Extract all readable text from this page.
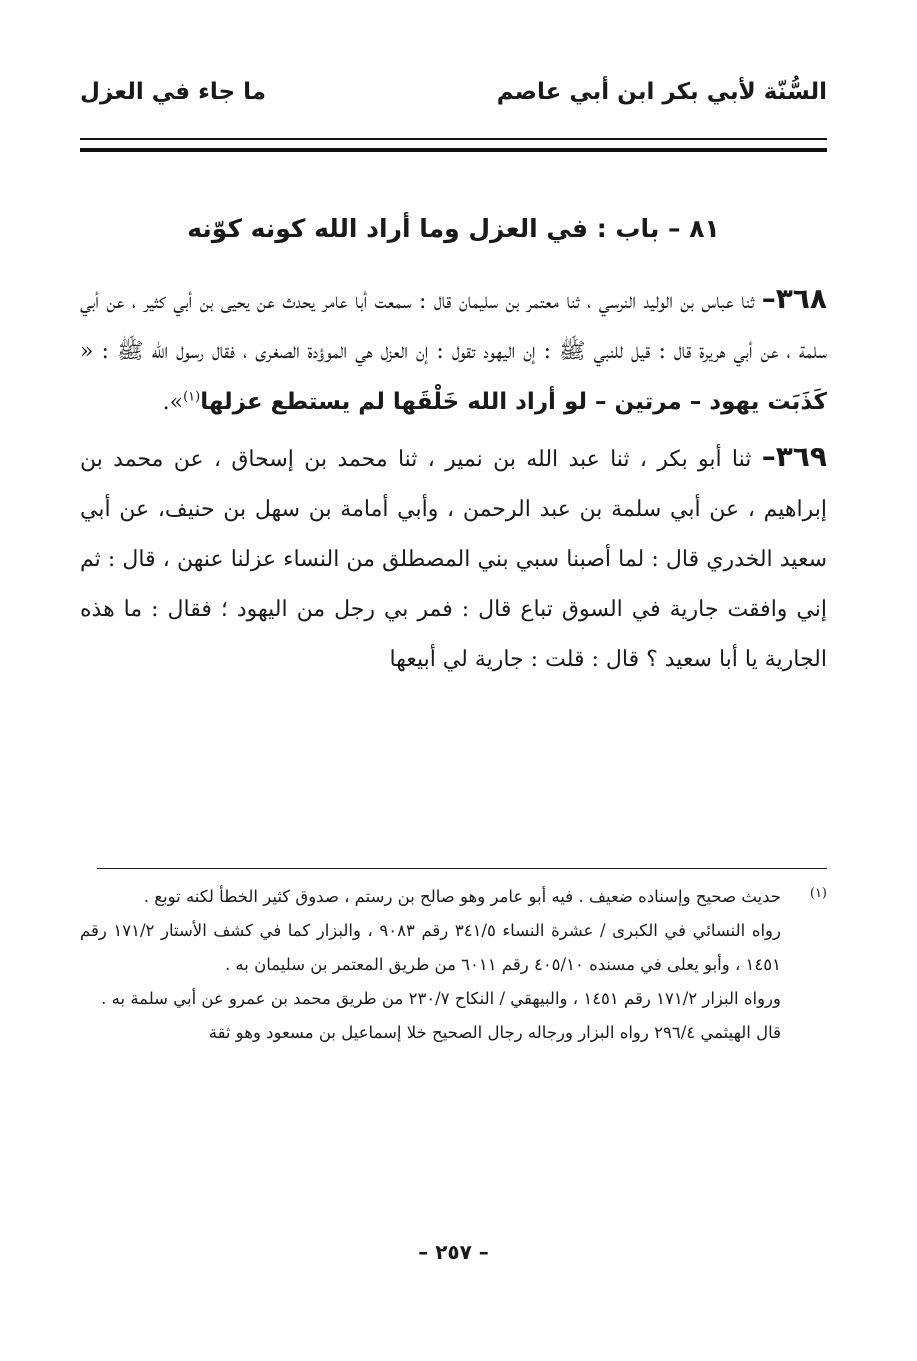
السُّنّة لأبي بكر ابن أبي عاصم
ما جاء في العزل
٨١ – باب : في العزل وما أراد الله كونه كوّنه

٣٦٨– ثنا عباس بن الوليد النرسي ، ثنا معتمر بن سليمان قال : سمعت أبا عامر يحدث عن يحيى بن أبي كثير ، عن أبي سلمة ، عن أبي هريرة قال : قيل للنبي ﷺ : إن اليهود تقول : إن العزل هي الموؤدة الصغرى ، فقال رسول الله ﷺ : « كَذَبَت يهود – مرتين – لو أراد الله خَلْقَها لم يستطع عزلها$^{(١)}$».

٣٦٩– ثنا أبو بكر ، ثنا عبد الله بن نمير ، ثنا محمد بن إسحاق ، عن محمد بن إبراهيم ، عن أبي سلمة بن عبد الرحمن ، وأبي أمامة بن سهل بن حنيف، عن أبي سعيد الخدري قال : لما أصبنا سبي بني المصطلق من النساء عزلنا عنهن ، قال : ثم إني وافقت جارية في السوق تباع قال : فمر بي رجل من اليهود ؛ فقال : ما هذه الجارية يا أبا سعيد ؟ قال : قلت : جارية لي أبيعها

(١)

حديث صحيح وإسناده ضعيف . فيه أبو عامر وهو صالح بن رستم ، صدوق كثير الخطأ لكنه توبع .

رواه النسائي في الكبرى / عشرة النساء ٣٤١/٥ رقم ٩٠٨٣ ، والبزار كما في كشف الأستار ١٧١/٢ رقم ١٤٥١ ، وأبو يعلى في مسنده ٤٠٥/١٠ رقم ٦٠١١ من طريق المعتمر بن سليمان به .

ورواه البزار ١٧١/٢ رقم ١٤٥١ ، والبيهقي / النكاح ٢٣٠/٧ من طريق محمد بن عمرو عن أبي سلمة به .

قال الهيثمي ٢٩٦/٤ رواه البزار ورجاله رجال الصحيح خلا إسماعيل بن مسعود وهو ثقة

– ٢٥٧ –
